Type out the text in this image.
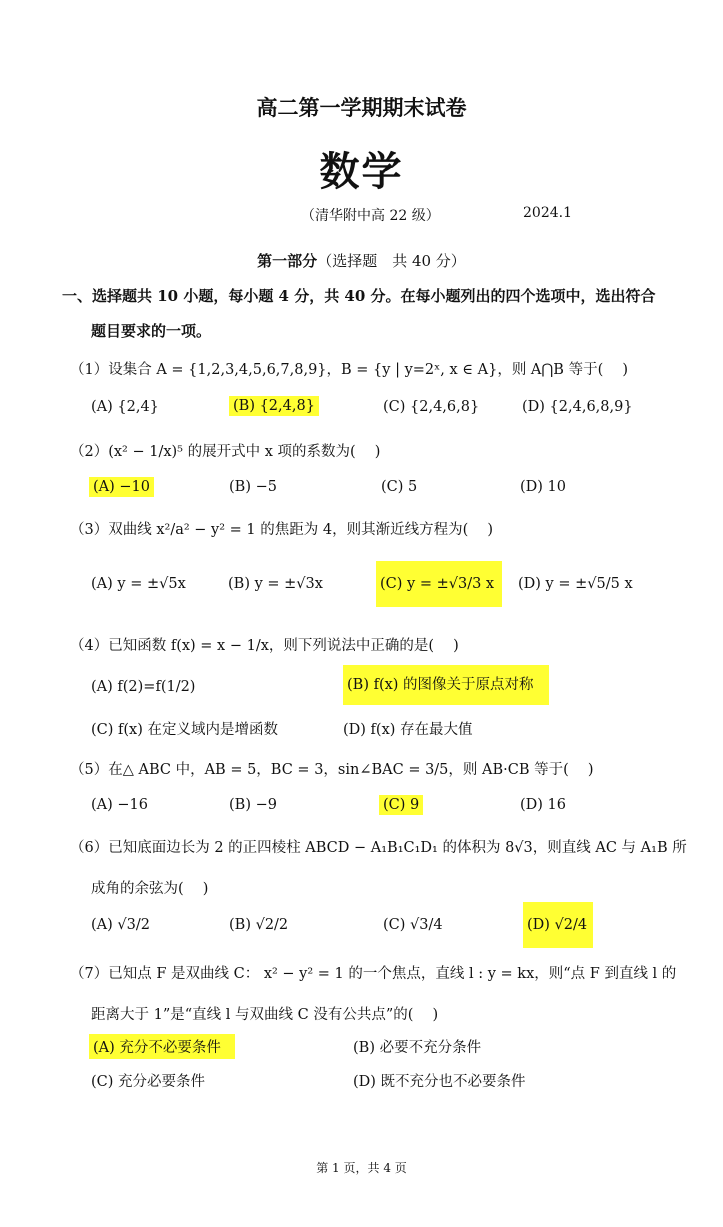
高二第一学期期末试卷
数学
（清华附中高 22 级）	2024.1
第一部分（选择题　共 40 分）
一、选择题共 10 小题，每小题 4 分，共 40 分。在每小题列出的四个选项中，选出符合
题目要求的一项。
（1）设集合 A = {1,2,3,4,5,6,7,8,9}，B = {y | y=2ˣ, x ∈ A}，则 A⋂B 等于(　 )
(A) {2,4}	(B) {2,4,8}	(C) {2,4,6,8}	(D) {2,4,6,8,9}
（2）(x² − 1/x)⁵ 的展开式中 x 项的系数为(　 )
(A) −10	(B) −5	(C) 5	(D) 10
（3）双曲线 x²/a² − y² = 1 的焦距为 4，则其渐近线方程为(　 )
(A) y = ±√5x	(B) y = ±√3x	(C) y = ±√3/3 x	(D) y = ±√5/5 x
（4）已知函数 f(x) = x − 1/x，则下列说法中正确的是(　 )
(A) f(2)=f(1/2)	(B) f(x) 的图像关于原点对称
(C) f(x) 在定义域内是增函数	(D) f(x) 存在最大值
（5）在△ ABC 中，AB = 5，BC = 3，sin∠BAC = 3/5，则 AB·CB 等于(　 )
(A) −16	(B) −9	(C) 9	(D) 16
（6）已知底面边长为 2 的正四棱柱 ABCD − A₁B₁C₁D₁ 的体积为 8√3，则直线 AC 与 A₁B 所
成角的余弦为(　 )
(A) √3/2	(B) √2/2	(C) √3/4	(D) √2/4
（7）已知点 F 是双曲线 C： x² − y² = 1 的一个焦点，直线 l : y = kx，则“点 F 到直线 l 的
距离大于 1”是“直线 l 与双曲线 C 没有公共点”的(　 )
(A) 充分不必要条件	(B) 必要不充分条件
(C) 充分必要条件	(D) 既不充分也不必要条件
第 1 页，共 4 页
